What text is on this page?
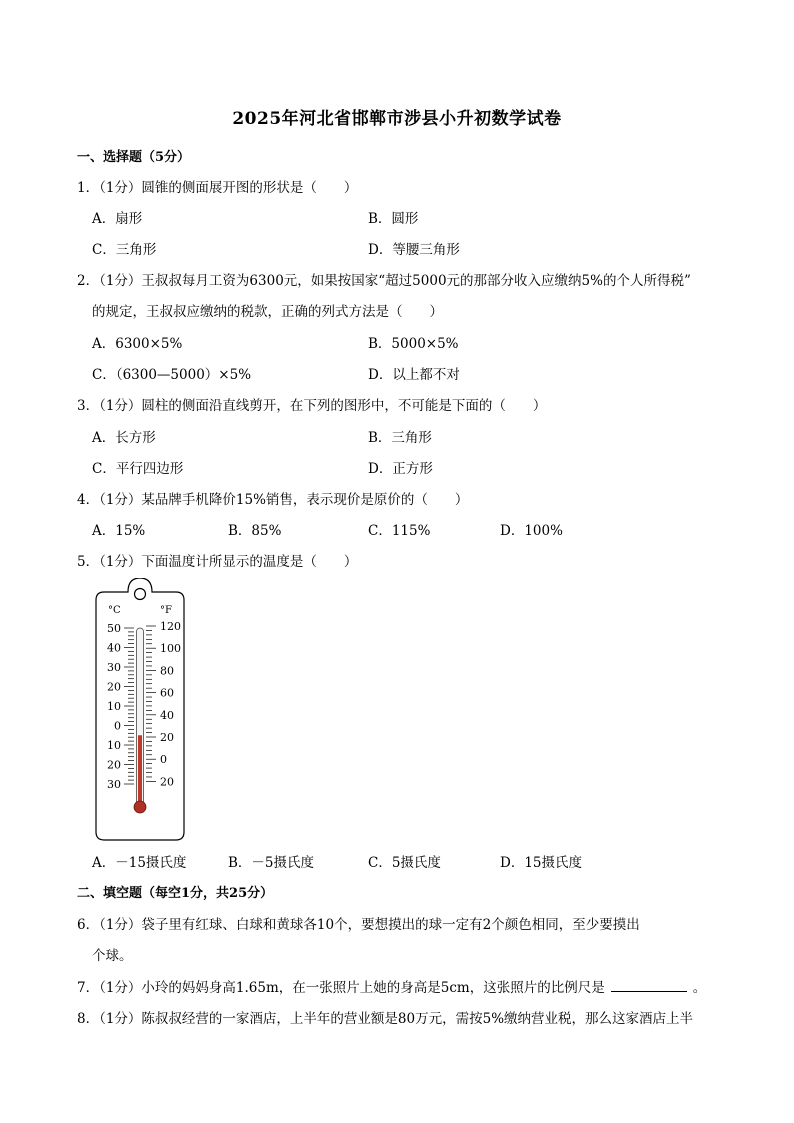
2025年河北省邯郸市涉县小升初数学试卷
一、选择题（5分）
1．（1分）圆锥的侧面展开图的形状是（　　）
A．扇形	B．圆形
C．三角形	D．等腰三角形
2．（1分）王叔叔每月工资为6300元，如果按国家“超过5000元的那部分收入应缴纳5%的个人所得税”
的规定，王叔叔应缴纳的税款，正确的列式方法是（　　）
A．6300×5%	B．5000×5%
C．（6300—5000）×5%	D．以上都不对
3．（1分）圆柱的侧面沿直线剪开，在下列的图形中，不可能是下面的（　　）
A．长方形	B．三角形
C．平行四边形	D．正方形
4．（1分）某品牌手机降价15%销售，表示现价是原价的（　　）
A．15%	B．85%	C．115%	D．100%
5．（1分）下面温度计所显示的温度是（　　）
°C	°F
50
40
30
20
10
0
10
20
30
120
100
80
60
40
20
0
20
A．－15摄氏度	B．－5摄氏度	C．5摄氏度	D．15摄氏度
二、填空题（每空1分，共25分）
6．（1分）袋子里有红球、白球和黄球各10个，要想摸出的球一定有2个颜色相同，至少要摸出
个球。
7．（1分）小玲的妈妈身高1.65m，在一张照片上她的身高是5cm，这张照片的比例尺是	。
8．（1分）陈叔叔经营的一家酒店，上半年的营业额是80万元，需按5%缴纳营业税，那么这家酒店上半
